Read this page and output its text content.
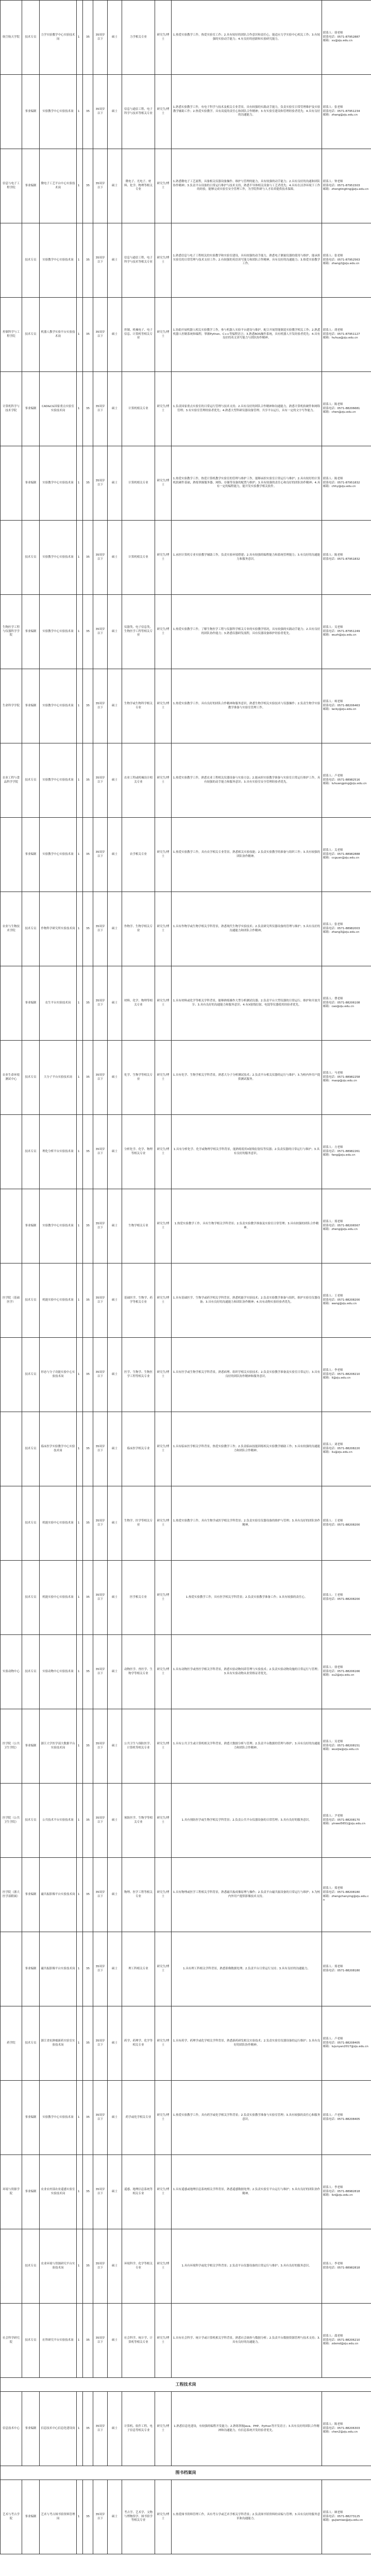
航空航天学院	技术专员	力学实验教学中心实验技术岗	1	35	35周岁以下	硕士	力学相关专业	研究生/博士	1.热爱实验教学工作，热爱实验室工作；2.具有较好的团队合作意识和责任心，能适应力学实验中心相关工作；3.有较强的实验动手能力；4.有良好的创新和实验研究能力。	联系人：徐老师
联系电话：0571-87952887
邮箱：xu@zju.edu.cn
	事业编制	实验教学中心实验技术岗	1	35	35周岁以下	硕士	信息与通信工程、电子科学与技术等相关专业	研究生/博士	1.熟悉实验教学工作，有电子科学与技术及相关专业背景，具有较强的实践动手能力，负责实验室日常管理维护及实验教学辅助工作；2.热爱实验教学，具有高度的责任心和团队合作精神；3.有实验室建设和管理经验者优先；4.具有良好的沟通能力。	联系人：张老师
联系电话：0571-87951234
邮箱：zhang@zju.edu.cn
信息与电子工程学院	事业编制	微电子工艺平台中心实验技术岗	1	35	35周岁以下	硕士	微电子、光电子、材料、化学、物理等相关专业	研究生/博士	1.熟悉微电子工艺流程，具备相关仪器设备操作、维护与管理的能力，具有较强的动手能力；2.具有良好的沟通和团队协作精神；3.负责平台设备的日常运行维护与技术支持，熟悉半导体相关设备与工艺者优先；4.具有在洁净环境下工作的经验，能够完成实验室安全管理工作，为学院科研与人才培养提供技术保障。	联系人：钟老师
联系电话：0571-87951503
邮箱：zhongtingting@zju.edu.cn
	技术专员	实验教学中心实验技术岗	1	35	35周岁以下	硕士	信息与通信工程、电子科学与技术等相关专业	研究生/博士	1.熟悉信息与电子工程相关的实验教学和实验室建设，具有较强的动手能力，熟悉电子测量仪器的使用与维护，能承担实验室的日常管理与技术支持工作；2.有较强的英语读写能力和团队合作精神，具有良好的沟通能力；3.热爱实验教学工作。	联系人：张老师
联系电话：0571-87952563
邮箱：zhang2@zju.edu.cn
控制科学与工程学院	技术专员	机器人教学实验平台实验技术岗	1	35	35周岁以下	硕士	控制、机械电子、电子信息、计算机等相关专业	研究生/博士	1.协助开展机器人相关实验教学工作，参与机器人实验平台建设与维护，配合开展智能制造实验教学相关工作；2.熟悉机器人控制系统和编程，掌握Python、C++等编程语言；3.熟悉ROS操作系统，具有机器人开发经验者优先；4.具有良好的英文读写能力与团队协作精神。	联系人：胡老师
联系电话：0571-87951127
邮箱：huhua@zju.edu.cn
计算机科学与技术学院	事业编制	CAD&CG国家重点实验室实验技术岗	1	35	35周岁以下	硕士	计算机相关专业	研究生/博士	1.负责国家重点实验室的日常运行管理与技术支持；2.具有良好的团队合作精神和沟通能力，熟悉计算机软硬件和网络管理；3.有实验室管理经验者优先；4.熟悉大型科研仪器设备管理、共享平台运行，具有一定的文字写作能力。	联系人：陈老师
联系电话：0571-88206681
邮箱：chen@zju.edu.cn
	事业编制	实验教学中心实验技术岗	1	35	35周岁以下	硕士	计算机相关专业	研究生/博士	1.热爱实验教学工作，热爱计算机教学实验室的管理与维护工作，能够承担实验室日常运行与维护；2.具有较好的计算机软硬件基础，熟练掌握服务器、网络、存储等设备的配置与维护；3.具有较强的责任心和良好的团队协作精神；4.具有一定的编程能力，能开发实验教学相关软件。	联系人：陈老师
联系电话：0571-87951832
邮箱：chhy@zju.edu.cn
	技术专员	实验教学中心实验技术岗	1	35	35周岁以下	硕士	计算机相关专业	研究生/博士	1.承担计算机专业实验教学辅助工作，负责实验环境搭建；2.具有较强的编程能力和系统管理能力；3.有良好的沟通能力和服务意识。	联系人：陈老师
联系电话：0571-87951832
生物医学工程与仪器科学学院	事业编制	实验教学中心实验技术岗	1	35	35周岁以下	硕士	仪器类、电子信息类、生物医学工程等相关专业	研究生/博士	1.热爱实验教学工作，了解生物医学工程与仪器科学相关专业的实验教学情况，具有较强的实践动手能力；2.具有良好的团队协作能力；3.熟悉仪器研发流程，具有仪器设备维护经验者优先。	联系人：吴老师
联系电话：0571-87951249
邮箱：wuzh@zju.edu.cn
生命科学学院	事业编制	实验教学中心实验技术岗	1	35	35周岁以下	硕士	生物学或生物科学相关专业	研究生/博士	1.热爱实验教学工作，具有良好的团队合作精神和服务意识，熟悉生物学相关实验技术与仪器操作；2.负责生物学实验教学准备与实验室管理工作。	联系人：柯老师
联系电话：0571-88206463
邮箱：lacky@zju.edu.cn
农业工程与食品科学学院	技术专员	实验教学中心实验技术岗	1	35	35周岁以下	硕士	农业工程或机械设计相关专业	研究生/博士	1.热爱实验教学工作，熟悉农业工程相关仪器设备与实验方法；2.能承担实验教学准备与实验室日常运行维护工作，具有较强的动手能力和服务意识；3.具有实验室安全管理经验者优先。	联系人：卢老师
联系电话：0571-88982516
邮箱：luhuangping@zju.edu.cn
	事业编制	实验教学中心实验技术岗	1	35	35周岁以下	硕士	农学相关专业	研究生/博士	1.热爱实验教学工作，具有农学相关专业背景，熟悉相关实验技能；2.负责实验教学的准备与组织工作；3.具有较强的团队协作精神。	联系人：关老师
联系电话：0571-88982888
邮箱：ccguan@zju.edu.cn
农业与生物技术学院	技术专员	作物科学研究所实验技术岗	1	35	35周岁以下	硕士	作物学、生物学相关专业	研究生/博士	1.具有作物学或生物学相关学科背景，熟悉现代生物学实验技术；2.负责研究所仪器设备的管理与维护；3.具有良好的沟通能力和团队合作精神。	联系人：张老师
联系电话：0571-88982003
邮箱：zhang3@zju.edu.cn
	事业编制	农生平台实验技术岗	1	35	35周岁以下	硕士	材料、化学、物理等相关专业	研究生/博士	1.具有材料或化学等相关学科背景，能够熟练操作大型分析测试仪器；2.负责平台大型仪器的日常运行、维护和开放共享；3.具有良好的沟通能力和服务意识；4.有X射线衍射、电镜等仪器使用经验者优先。	联系人：曹老师
联系电话：0571-88206108
邮箱：cao@zju.edu.cn
农业生命环境测试中心	技术专员	大分子平台实验技术岗	1	35	35周岁以下	硕士	化学、生物学等相关专业	研究生/博士	1.具有化学、生物学相关学科背景，熟悉大分子分析测试技术；2.负责平台相关仪器的运行与维护；3.为校内外用户提供测试服务。	联系人：马老师
联系电话：0571-88982258
邮箱：maxp@zju.edu.cn
	技术专员	理化分析平台实验技术岗	1	35	35周岁以下	硕士	分析化学、化学、物理等相关专业	研究生/博士	1.具有分析化学、化学或物理学相关学科背景，能熟练使用X射线衍射仪等仪器；2.负责仪器的日常运行与维护；3.具有良好的服务意识。	联系人：方老师
联系电话：0571-88982261
邮箱：fang@zju.edu.cn
	事业编制	实验教学中心实验技术岗	1	35	35周岁以下	硕士	生物学相关专业	研究生/博士	1.热爱实验教学工作，具有生物学相关学科背景；2.负责实验教学准备及实验室日常管理；3.具有较强的团队合作精神。	联系人：郑老师
联系电话：0571-88206567
邮箱：zheng@zju.edu.cn
医学院（基础医学）	技术专员	机能实验中心实验技术岗	1	35	35周岁以下	硕士	基础医学、生物学、药学等相关专业	研究生/博士	1.具有基础医学、生物学或药学相关学科背景，熟悉机能学实验技术；2.负责实验教学准备与组织，维护实验室仪器设备；3.具有良好的沟通能力和团队协作精神；4.具有动物实验经验者优先。	联系人：王老师
联系电话：0571-88208200
邮箱：wang@zju.edu.cn
	技术专员	形态与分子功能实验中心实验技术岗	1	35	35周岁以下	硕士	医学、生物学、生物医学工程等相关专业	研究生/博士	1.具有医学或生物学相关学科背景，熟悉病理、组织学相关实验技术；2.负责实验教学准备及实验室日常运行；3.具有良好的团队协作精神和服务意识。	联系人：李老师
联系电话：0571-88208210
邮箱：li@zju.edu.cn
	技术专员	临床医学实验教学中心实验技术岗	1	35	35周岁以下	硕士	临床医学相关专业	研究生/博士	1.具有临床医学相关学科背景，热爱实验教学工作；2.负责临床技能训练相关实验教学辅助工作；3.具有较强的沟通能力和团队合作精神。	联系人：刘老师
联系电话：0571-88208220
邮箱：liu@zju.edu.cn
	技术专员	机能实验中心实验技术岗	1	35	35周岁以下	硕士	生物学、医学等相关专业	研究生/博士	1.热爱实验教学工作，具有生物学或医学相关学科背景；2.负责实验室仪器设备的维护与管理；3.具有良好的团队协作精神。	联系人：王老师
联系电话：0571-88208200
	技术专员	机能实验中心实验技术岗	1	35	35周岁以下	硕士	医学相关专业	研究生/博士	1.热爱实验教学工作，具有医学相关学科背景；2.负责实验教学准备工作；3.具有较强的责任心。	联系人：王老师
联系电话：0571-88208200
实验动物中心	技术专员	实验动物中心实验技术岗	1	35	35周岁以下	硕士	动物医学、兽医学、生物学等相关专业	研究生/博士	1.具有动物医学或兽医学相关学科背景，熟悉实验动物饲养管理与实验技术；2.负责实验动物设施的日常运行与管理；3.具有实验动物从业资格证者优先。	联系人：徐老师
联系电话：0571-88206166
邮箱：xu2@zju.edu.cn
医学院（公共卫生学院）	事业编制	浙江大学医学部大数据平台实验技术岗	1	35	35周岁以下	硕士	公共卫生与预防医学、计算机等相关专业	研究生/博士	1.具有公共卫生或计算机相关学科背景，熟悉大数据分析与管理；2.负责平台数据的管理与维护；3.具有良好的沟通能力和团队合作精神。	联系人：吴老师
联系电话：0571-88208151
邮箱：wusijia@zju.edu.cn
医学院（公共卫生学院）	技术专员	公共技术平台实验技术岗	1	35	35周岁以下	硕士	预防医学、生物学等相关专业	研究生/博士	1.具有预防医学或生物学相关学科背景；2.负责公共平台仪器设备的日常管理；3.具有良好的服务意识。	联系人：尹老师
联系电话：0571-88208170
邮箱：yinwei5651@zju.edu.cn
医学院（浙大医学部附属）	事业编制	磁共振影像平台实验技术岗	1	35	35周岁以下	硕士	物理、医学工程等相关专业	研究生/博士	1.具有物理或医学工程相关学科背景，熟悉磁共振成像原理与操作；2.负责平台磁共振设备的日常运行与维护；3.为校内外用户提供影像技术支持。	联系人：郑老师
联系电话：0571-88208180
邮箱：zhengchanying@zju.edu.cn
	事业编制	磁共振影像平台实验技术岗	1	35	35周岁以下	硕士	理工科相关专业	研究生/博士	1.具有理工科相关学科背景，熟悉影像数据处理；2.负责平台日常运行支持；3.具有良好的沟通能力。	联系人：郑老师
联系电话：0571-88208180
药学院	技术专员	浙江省抗肿瘤新药实验室实验技术岗	1	35	35周岁以下	硕士	药学、药理学、化学等相关专业	研究生/博士	1.具有药学、药理学或化学相关学科背景，熟悉新药研发相关实验技术；2.负责实验室仪器设备的运行维护；3.具有良好的团队协作精神。	联系人：卢老师
联系电话：0571-88208405
邮箱：lujunyan2017@zju.edu.cn
	事业编制	实验教学中心实验技术岗	1	35	35周岁以下	硕士	药学或化学相关专业	研究生/博士	1.热爱实验教学工作，具有药学或化学相关学科背景；2.负责实验教学准备与实验室管理；3.具有较强的责任心和服务意识。	联系人：卢老师
联系电话：0571-88208405
环境与资源学院	事业编制	农业农村部农业遥感实验室实验技术岗	1	35	35周岁以下	硕士	遥感、地理信息系统等相关专业	研究生/博士	1.具有遥感或地理信息系统相关学科背景，熟悉遥感数据处理；2.负责实验室平台运行与维护；3.具有良好的团队协作精神。	联系人：李老师
联系电话：0571-88982818
邮箱：lizi@zju.edu.cn
	技术专员	农业环境与资源研究平台实验技术岗	1	35	35周岁以下	硕士	环境科学、化学等相关专业	研究生/博士	1.具有环境科学或化学相关学科背景；2.负责平台仪器设备的日常运行与维护；3.具有良好的服务意识。	联系人：李老师
联系电话：0571-88982818
社会科学研究院	技术专员	社科研究平台实验技术岗	1	35	35周岁以下	硕士	社会科学、统计学、计算机等相关专业	研究生/博士	1.具有社会科学、统计学或计算机相关学科背景，熟悉社会调查与数据分析；2.负责平台数据资源管理与技术支持；3.具有良好的沟通能力。	联系人：邵老师
联系电话：0571-88206210
邮箱：zdsmd@zju.edu.cn
工程技术岗										
信息技术中心	事业编制	信息技术中心信息化建设岗	1	35	35周岁以下	硕士	计算机、软件工程、电子信息等相关专业	研究生/博士	1.熟悉信息化建设，有较强的编程开发能力；2.熟练掌握Java、PHP、Python等开发语言；3.具有良好的团队合作精神和沟通能力，有信息系统开发经验者优先。	联系人：陈老师
联系电话：0571-88206303
邮箱：chen2@zju.edu.cn
图书档案岗										
艺术与考古学院	事业编制	艺术与考古图书馆资料管理岗	1	35	35周岁以下	硕士	考古学、艺术学、文物与博物馆学、图书馆学等相关专业	研究生/博士	1.热爱图书资料管理工作，具有考古学或艺术学相关学科背景；2.负责图书馆资料的采编与管理；3.具有良好的服务意识和沟通能力。	联系人：顾老师
联系电话：0571-88273125
邮箱：gujiamiao@zju.edu.cn
